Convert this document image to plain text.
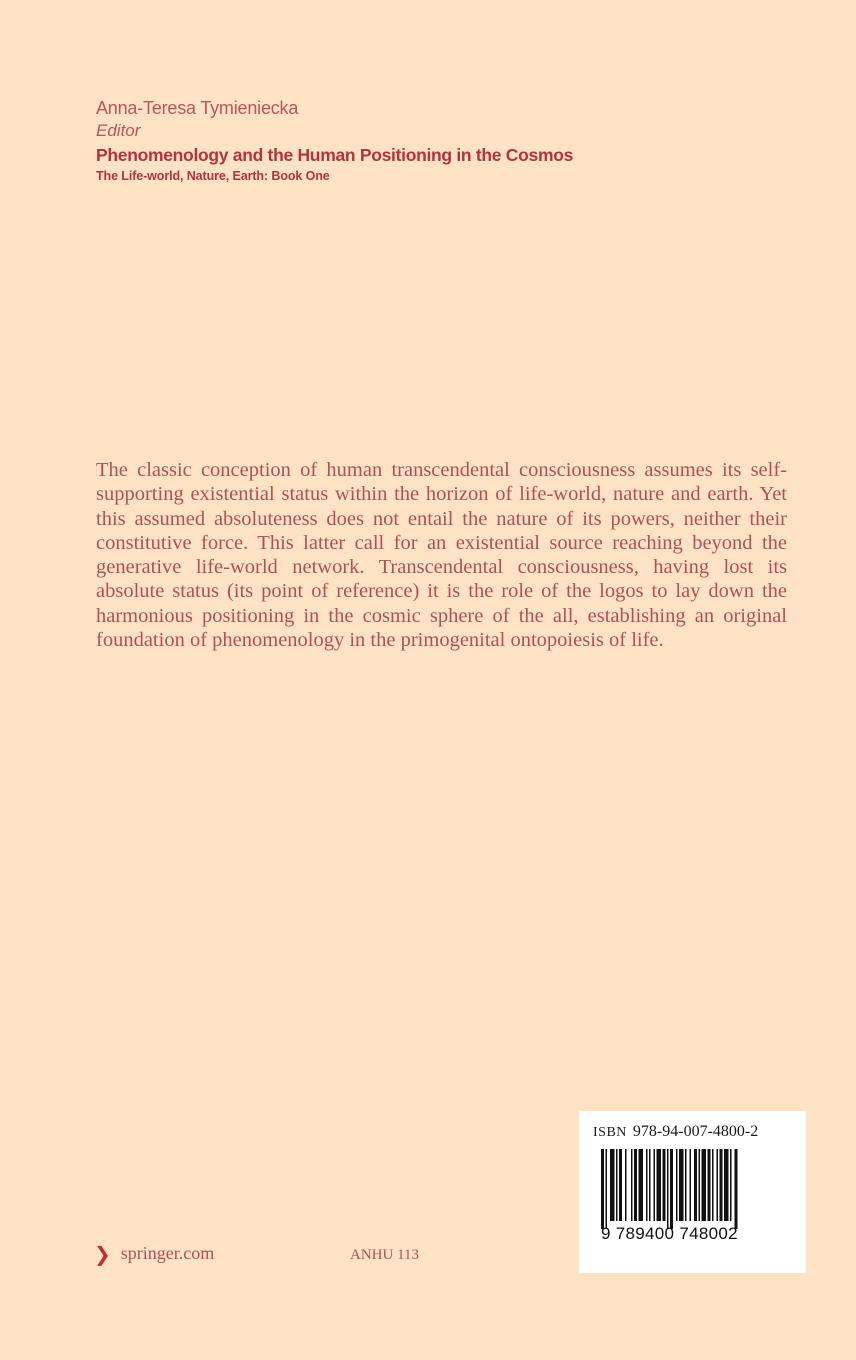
Anna-Teresa Tymieniecka
Editor
Phenomenology and the Human Positioning in the Cosmos
The Life-world, Nature, Earth: Book One

The classic conception of human transcendental consciousness assumes its self-supporting existential status within the horizon of life-world, nature and earth. Yet this assumed absoluteness does not entail the nature of its powers, neither their constitutive force. This latter call for an existential source reaching beyond the generative life-world network. Transcendental consciousness, having lost its absolute status (its point of reference) it is the role of the logos to lay down the harmonious positioning in the cosmic sphere of the all, establishing an original foundation of phenomenology in the primogenital ontopoiesis of life.

❯ springer.com	ANHU 113
ISBN 978-94-007-4800-2
9 789400 748002
